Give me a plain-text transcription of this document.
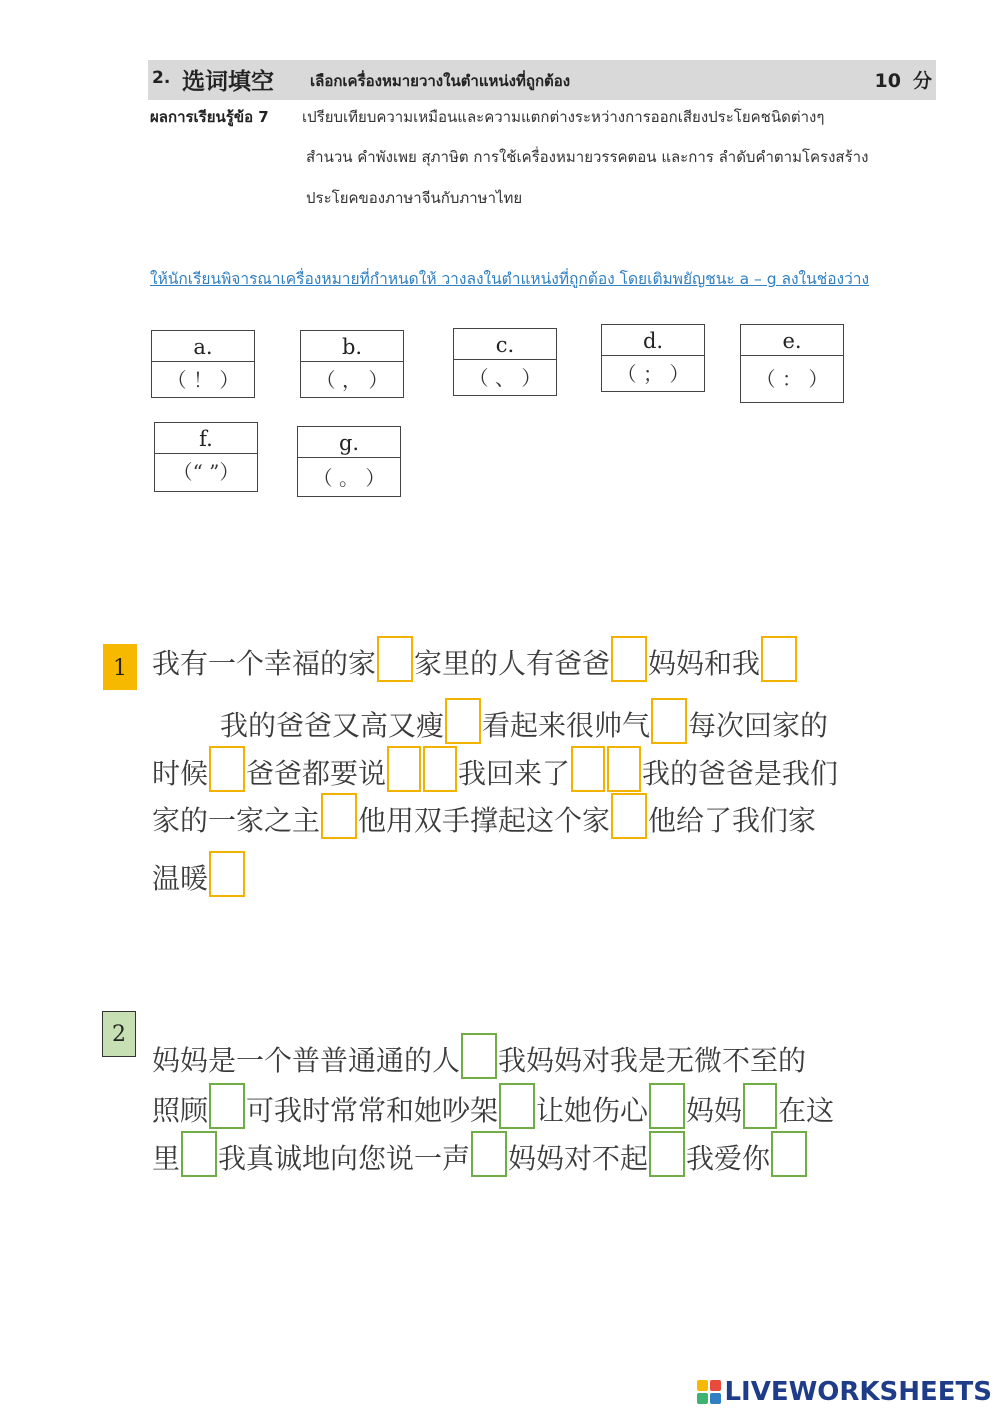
2. 选词填空 เลือกเครื่องหมายวางในตำแหน่งที่ถูกต้อง	10 分
ผลการเรียนรู้ข้อ 7 เปรียบเทียบความเหมือนและความแตกต่างระหว่างการออกเสียงประโยคชนิดต่างๆ
สำนวน คำพังเพย สุภาษิต การใช้เครื่องหมายวรรคตอน และการ ลำดับคำตามโครงสร้าง
ประโยคของภาษาจีนกับภาษาไทย
ให้นักเรียนพิจารณาเครื่องหมายที่กำหนดให้ วางลงในตำแหน่งที่ถูกต้อง โดยเติมพยัญชนะ a – g ลงในช่องว่าง
a.
（ ！ ）
b.
（ ， ）
c.
（ 、 ）
d.
（ ； ）
e.
（ ： ）
f.
（“ ”）
g.
（ 。 ）
1 我有一个幸福的家 家里的人有爸爸 妈妈和我
我的爸爸又高又瘦 看起来很帅气 每次回家的
时候 爸爸都要说	我回来了	我的爸爸是我们
家的一家之主 他用双手撑起这个家 他给了我们家
温暖
2
妈妈是一个普普通通的人 我妈妈对我是无微不至的
照顾 可我时常常和她吵架 让她伤心 妈妈 在这
里 我真诚地向您说一声 妈妈对不起 我爱你
LIVEWORKSHEETS
